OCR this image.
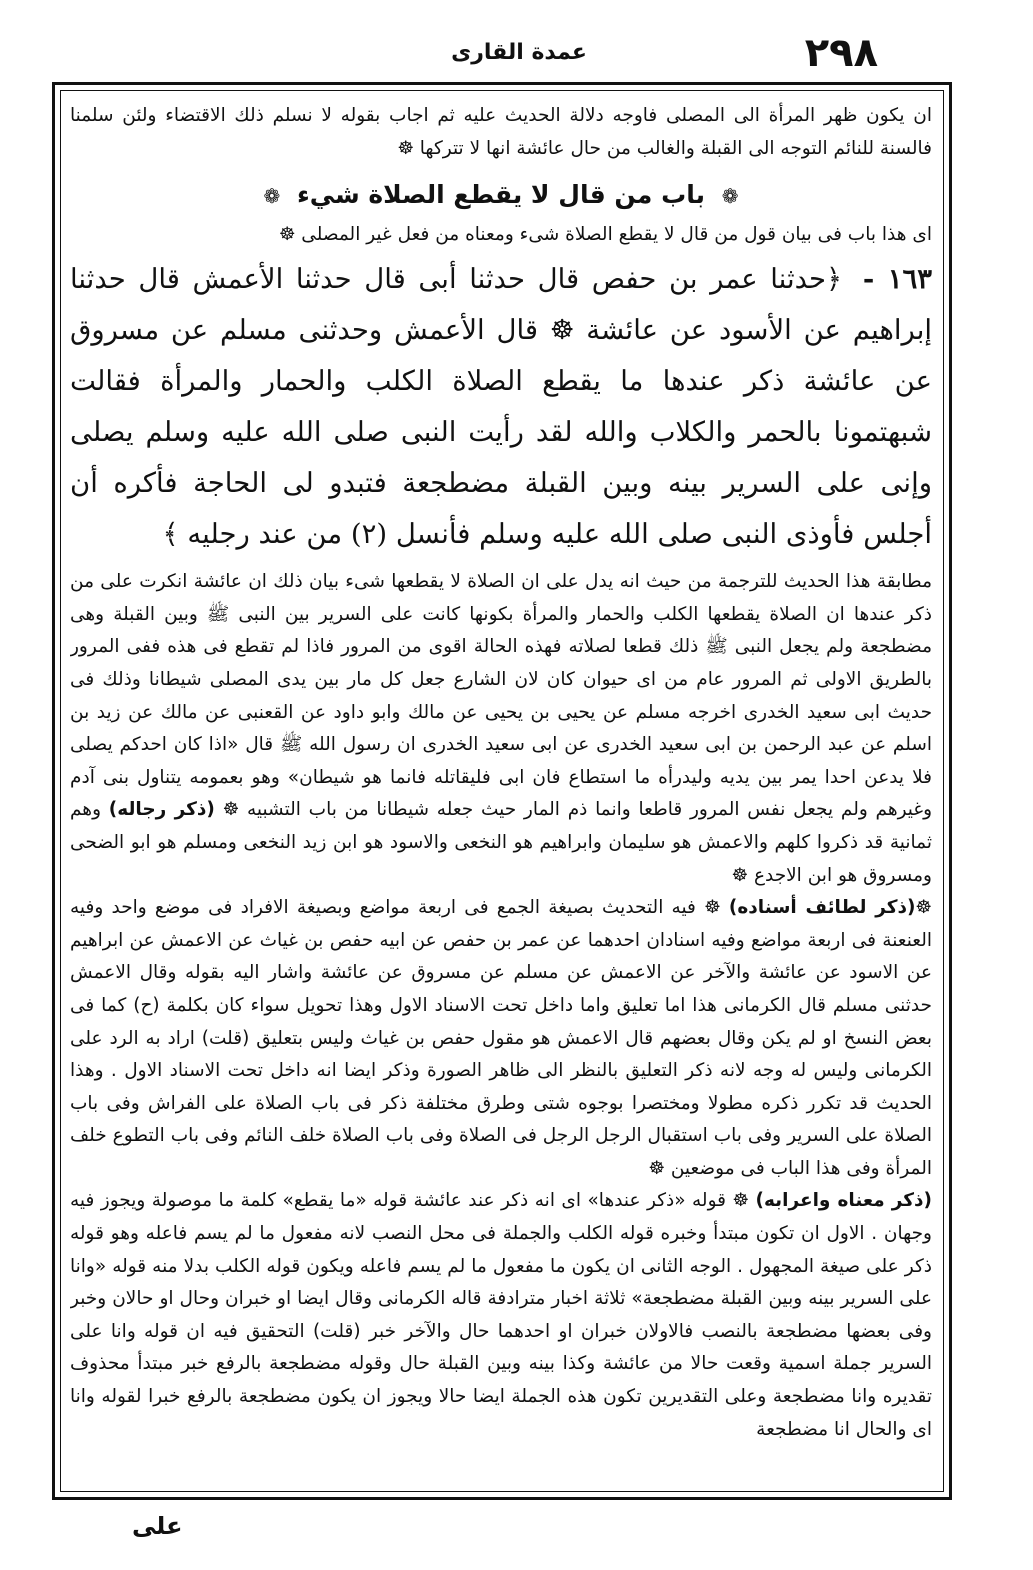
٢٩٨
عمدة القارى

ان يكون ظهر المرأة الى المصلى فاوجه دلالة الحديث عليه ثم اجاب بقوله لا نسلم ذلك الاقتضاء ولئن سلمنا فالسنة للنائم التوجه الى القبلة والغالب من حال عائشة انها لا تتركها ☸

❁ باب من قال لا يقطع الصلاة شيء ❁

اى هذا باب فى بيان قول من قال لا يقطع الصلاة شىء ومعناه من فعل غير المصلى ☸

١٦٣ - ﴿حدثنا عمر بن حفص قال حدثنا أبى قال حدثنا الأعمش قال حدثنا إبراهيم عن الأسود عن عائشة ☸ قال الأعمش وحدثنى مسلم عن مسروق عن عائشة ذكر عندها ما يقطع الصلاة الكلب والحمار والمرأة فقالت شبهتمونا بالحمر والكلاب والله لقد رأيت النبى صلى الله عليه وسلم يصلى وإنى على السرير بينه وبين القبلة مضطجعة فتبدو لى الحاجة فأكره أن أجلس فأوذى النبى صلى الله عليه وسلم فأنسل (٢) من عند رجليه ﴾

مطابقة هذا الحديث للترجمة من حيث انه يدل على ان الصلاة لا يقطعها شىء بيان ذلك ان عائشة انكرت على من ذكر عندها ان الصلاة يقطعها الكلب والحمار والمرأة بكونها كانت على السرير بين النبى ﷺ وبين القبلة وهى مضطجعة ولم يجعل النبى ﷺ ذلك قطعا لصلاته فهذه الحالة اقوى من المرور فاذا لم تقطع فى هذه ففى المرور بالطريق الاولى ثم المرور عام من اى حيوان كان لان الشارع جعل كل مار بين يدى المصلى شيطانا وذلك فى حديث ابى سعيد الخدرى اخرجه مسلم عن يحيى بن يحيى عن مالك وابو داود عن القعنبى عن مالك عن زيد بن اسلم عن عبد الرحمن بن ابى سعيد الخدرى عن ابى سعيد الخدرى ان رسول الله ﷺ قال «اذا كان احدكم يصلى فلا يدعن احدا يمر بين يديه وليدرأه ما استطاع فان ابى فليقاتله فانما هو شيطان» وهو بعمومه يتناول بنى آدم وغيرهم ولم يجعل نفس المرور قاطعا وانما ذم المار حيث جعله شيطانا من باب التشبيه ☸ (ذكر رجاله) وهم ثمانية قد ذكروا كلهم والاعمش هو سليمان وابراهيم هو النخعى والاسود هو ابن زيد النخعى ومسلم هو ابو الضحى ومسروق هو ابن الاجدع ☸

☸(ذكر لطائف أسناده) ☸ فيه التحديث بصيغة الجمع فى اربعة مواضع وبصيغة الافراد فى موضع واحد وفيه العنعنة فى اربعة مواضع وفيه اسنادان احدهما عن عمر بن حفص عن ابيه حفص بن غياث عن الاعمش عن ابراهيم عن الاسود عن عائشة والآخر عن الاعمش عن مسلم عن مسروق عن عائشة واشار اليه بقوله وقال الاعمش حدثنى مسلم قال الكرمانى هذا اما تعليق واما داخل تحت الاسناد الاول وهذا تحويل سواء كان بكلمة (ح) كما فى بعض النسخ او لم يكن وقال بعضهم قال الاعمش هو مقول حفص بن غياث وليس بتعليق (قلت) اراد به الرد على الكرمانى وليس له وجه لانه ذكر التعليق بالنظر الى ظاهر الصورة وذكر ايضا انه داخل تحت الاسناد الاول . وهذا الحديث قد تكرر ذكره مطولا ومختصرا بوجوه شتى وطرق مختلفة ذكر فى باب الصلاة على الفراش وفى باب الصلاة على السرير وفى باب استقبال الرجل الرجل فى الصلاة وفى باب الصلاة خلف النائم وفى باب التطوع خلف المرأة وفى هذا الباب فى موضعين ☸

(ذكر معناه واعرابه) ☸ قوله «ذكر عندها» اى انه ذكر عند عائشة قوله «ما يقطع» كلمة ما موصولة ويجوز فيه وجهان . الاول ان تكون مبتدأ وخبره قوله الكلب والجملة فى محل النصب لانه مفعول ما لم يسم فاعله وهو قوله ذكر على صيغة المجهول . الوجه الثانى ان يكون ما مفعول ما لم يسم فاعله ويكون قوله الكلب بدلا منه قوله «وانا على السرير بينه وبين القبلة مضطجعة» ثلاثة اخبار مترادفة قاله الكرمانى وقال ايضا او خبران وحال او حالان وخبر وفى بعضها مضطجعة بالنصب فالاولان خبران او احدهما حال والآخر خبر (قلت) التحقيق فيه ان قوله وانا على السرير جملة اسمية وقعت حالا من عائشة وكذا بينه وبين القبلة حال وقوله مضطجعة بالرفع خبر مبتدأ محذوف تقديره وانا مضطجعة وعلى التقديرين تكون هذه الجملة ايضا حالا ويجوز ان يكون مضطجعة بالرفع خبرا لقوله وانا اى والحال انا مضطجعة

على
